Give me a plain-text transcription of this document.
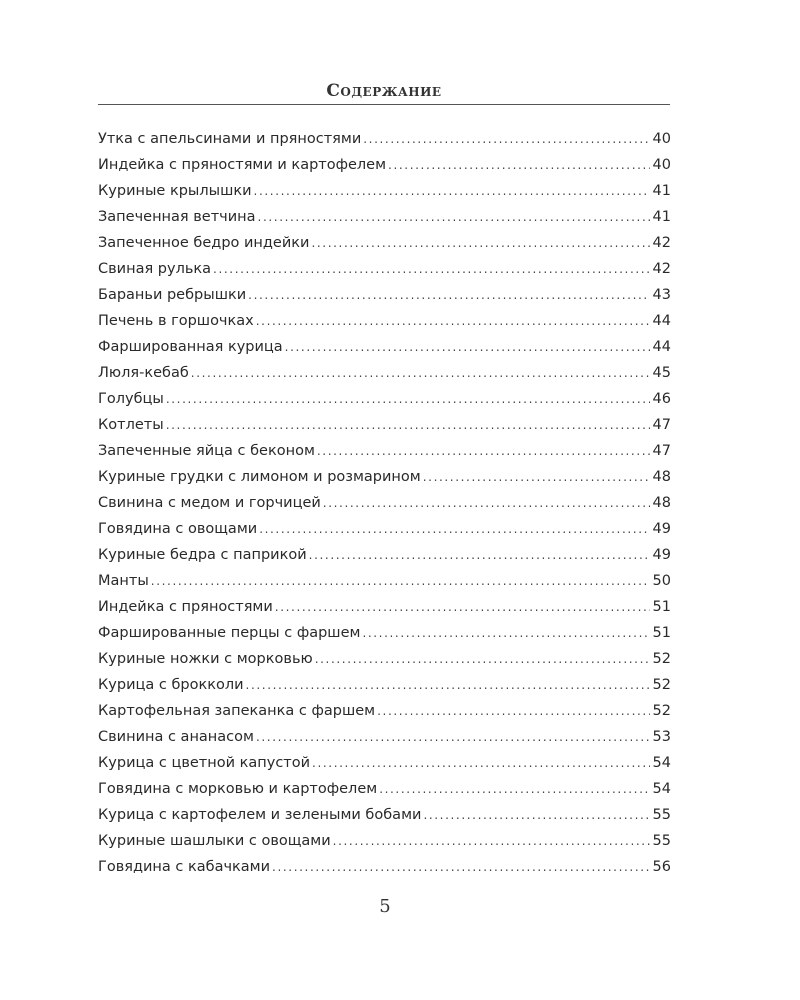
Содержание
Утка с апельсинами и пряностями .....	40
Индейка с пряностями и картофелем .....	40
Куриные крылышки .....	41
Запеченная ветчина .....	41
Запеченное бедро индейки .....	42
Свиная рулька .....	42
Бараньи ребрышки .....	43
Печень в горшочках .....	44
Фаршированная курица .....	44
Люля-кебаб .....	45
Голубцы .....	46
Котлеты .....	47
Запеченные яйца с беконом .....	47
Куриные грудки с лимоном и розмарином .....	48
Свинина с медом и горчицей .....	48
Говядина с овощами .....	49
Куриные бедра с паприкой .....	49
Манты .....	50
Индейка с пряностями .....	51
Фаршированные перцы с фаршем .....	51
Куриные ножки с морковью .....	52
Курица с брокколи .....	52
Картофельная запеканка с фаршем .....	52
Свинина с ананасом .....	53
Курица с цветной капустой .....	54
Говядина с морковью и картофелем .....	54
Курица с картофелем и зелеными бобами .....	55
Куриные шашлыки с овощами .....	55
Говядина с кабачками .....	56
5
